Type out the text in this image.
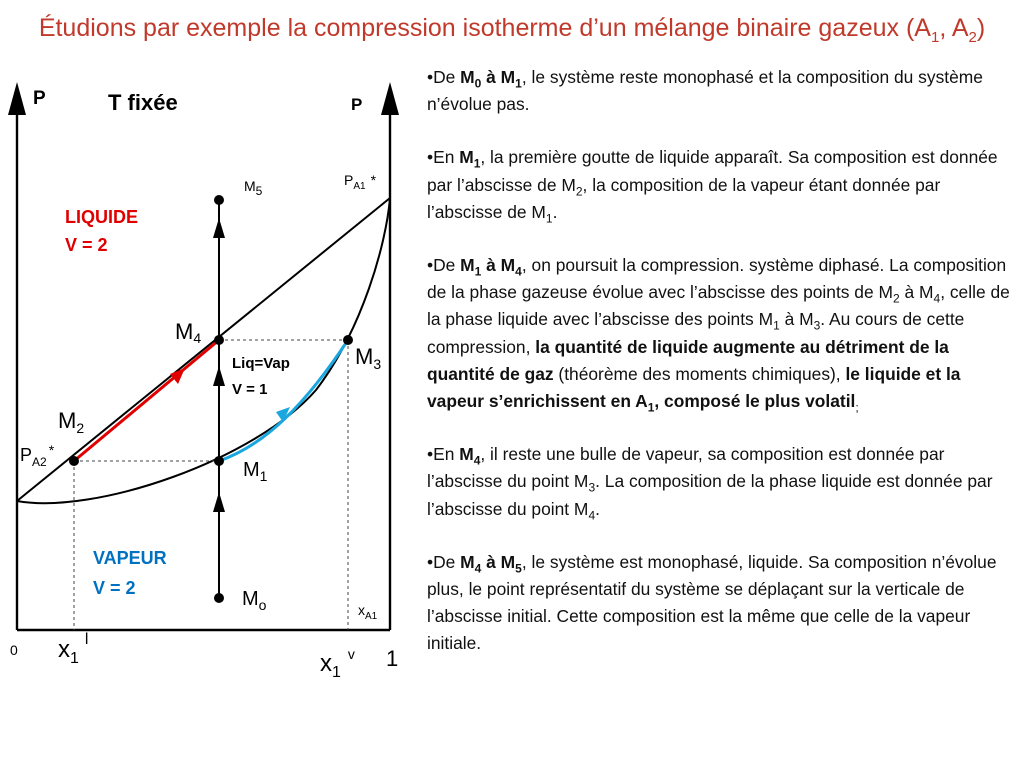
Étudions par exemple la compression isotherme d’un mélange binaire gazeux ($A_1$, $A_2$)
P	P
T fixée
LIQUIDE
V = 2
VAPEUR
V = 2
Liq=Vap
V = 1
$P_{A1}$ *
$P_{A2}^*$
$x_{A1}$
M5
M4
$M_3$
$M_2$
$M_1$
$M_o$
0	1
$x_1^l$
$x_1^v$

•De $M_0$ à $M_1$, le système reste monophasé et la composition du système n’évolue pas.

•En $M_1$, la première goutte de liquide apparaît. Sa composition est donnée par l’abscisse de $M_2$, la composition de la vapeur étant donnée par l’abscisse de $M_1$.

•De $M_1$ à $M_4$, on poursuit la compression. système diphasé. La composition de la phase gazeuse évolue avec l’abscisse des points de $M_2$ à $M_4$, celle de la phase liquide avec l’abscisse des points $M_1$ à $M_3$. Au cours de cette compression, la quantité de liquide augmente au détriment de la quantité de gaz (théorème des moments chimiques), le liquide et la vapeur s’enrichissent en $A_1$, composé le plus volatil$_;$

•En $M_4$, il reste une bulle de vapeur, sa composition est donnée par l’abscisse du point $M_3$. La composition de la phase liquide est donnée par l’abscisse du point $M_4$.

•De $M_4$ à $M_5$, le système est monophasé, liquide. Sa composition n’évolue plus, le point représentatif du système se déplaçant sur la verticale de l’abscisse initial. Cette composition est la même que celle de la vapeur initiale.
